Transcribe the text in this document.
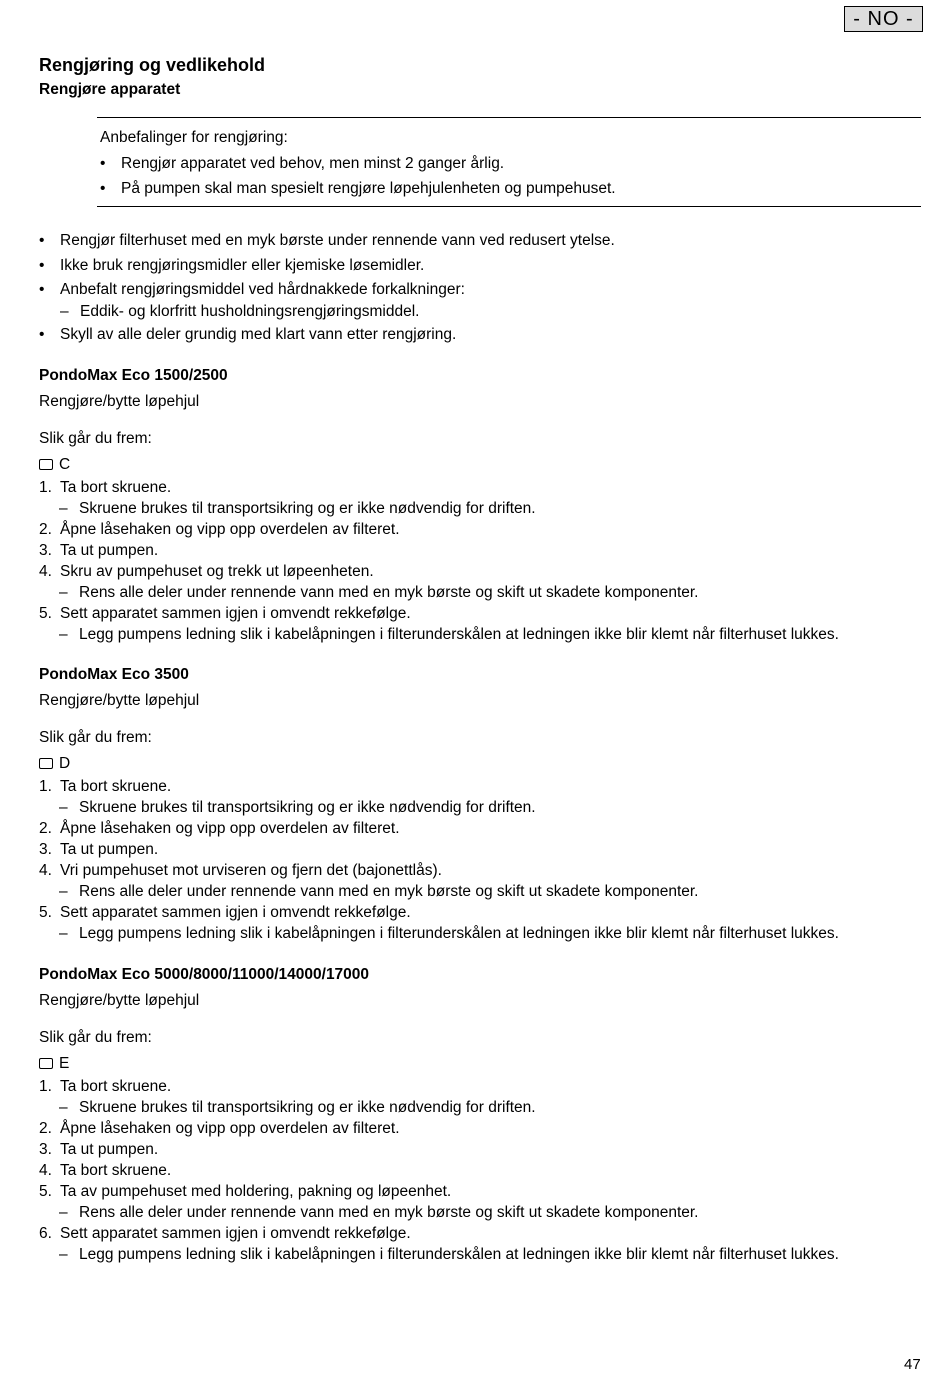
- NO -
Rengjøring og vedlikehold
Rengjøre apparatet
Anbefalinger for rengjøring:
• Rengjør apparatet ved behov, men minst 2 ganger årlig.
• På pumpen skal man spesielt rengjøre løpehjulenheten og pumpehuset.
• Rengjør filterhuset med en myk børste under rennende vann ved redusert ytelse.
• Ikke bruk rengjøringsmidler eller kjemiske løsemidler.
• Anbefalt rengjøringsmiddel ved hårdnakkede forkalkninger:
– Eddik- og klorfritt husholdningsrengjøringsmiddel.
• Skyll av alle deler grundig med klart vann etter rengjøring.
PondoMax Eco 1500/2500
Rengjøre/bytte løpehjul
Slik går du frem:
C
1. Ta bort skruene.
– Skruene brukes til transportsikring og er ikke nødvendig for driften.
2. Åpne låsehaken og vipp opp overdelen av filteret.
3. Ta ut pumpen.
4. Skru av pumpehuset og trekk ut løpeenheten.
– Rens alle deler under rennende vann med en myk børste og skift ut skadete komponenter.
5. Sett apparatet sammen igjen i omvendt rekkefølge.
– Legg pumpens ledning slik i kabelåpningen i filterunderskålen at ledningen ikke blir klemt når filterhuset lukkes.
PondoMax Eco 3500
Rengjøre/bytte løpehjul
Slik går du frem:
D
1. Ta bort skruene.
– Skruene brukes til transportsikring og er ikke nødvendig for driften.
2. Åpne låsehaken og vipp opp overdelen av filteret.
3. Ta ut pumpen.
4. Vri pumpehuset mot urviseren og fjern det (bajonettlås).
– Rens alle deler under rennende vann med en myk børste og skift ut skadete komponenter.
5. Sett apparatet sammen igjen i omvendt rekkefølge.
– Legg pumpens ledning slik i kabelåpningen i filterunderskålen at ledningen ikke blir klemt når filterhuset lukkes.
PondoMax Eco 5000/8000/11000/14000/17000
Rengjøre/bytte løpehjul
Slik går du frem:
E
1. Ta bort skruene.
– Skruene brukes til transportsikring og er ikke nødvendig for driften.
2. Åpne låsehaken og vipp opp overdelen av filteret.
3. Ta ut pumpen.
4. Ta bort skruene.
5. Ta av pumpehuset med holdering, pakning og løpeenhet.
– Rens alle deler under rennende vann med en myk børste og skift ut skadete komponenter.
6. Sett apparatet sammen igjen i omvendt rekkefølge.
– Legg pumpens ledning slik i kabelåpningen i filterunderskålen at ledningen ikke blir klemt når filterhuset lukkes.
47
